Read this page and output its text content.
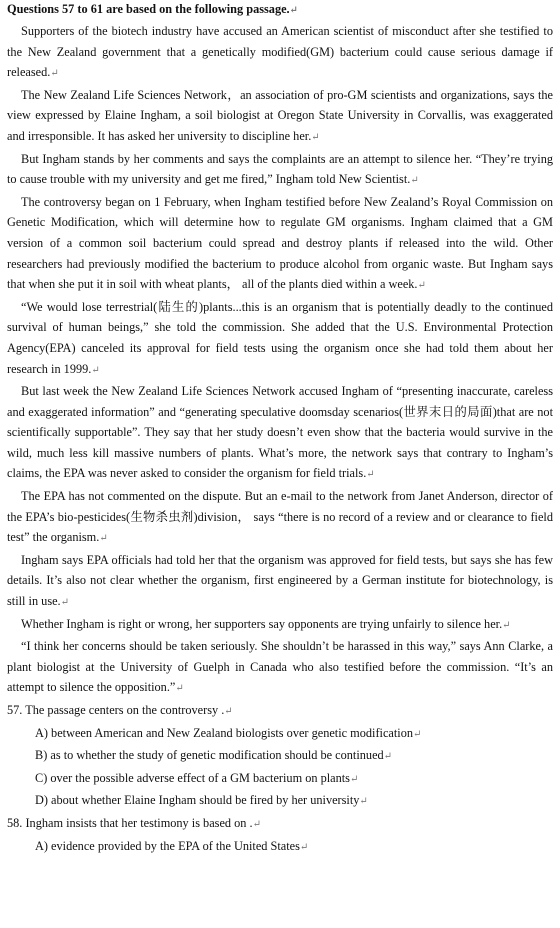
Questions 57 to 61 are based on the following passage.↵

Supporters of the biotech industry have accused an American scientist of misconduct after she testified to the New Zealand government that a genetically modified(GM) bacterium could cause serious damage if released.↵

The New Zealand Life Sciences Network，an association of pro-GM scientists and organizations, says the view expressed by Elaine Ingham, a soil biologist at Oregon State University in Corvallis, was exaggerated and irresponsible. It has asked her university to discipline her.↵

But Ingham stands by her comments and says the complaints are an attempt to silence her. “They’re trying to cause trouble with my university and get me fired,” Ingham told New Scientist.↵

The controversy began on 1 February, when Ingham testified before New Zealand’s Royal Commission on Genetic Modification, which will determine how to regulate GM organisms. Ingham claimed that a GM version of a common soil bacterium could spread and destroy plants if released into the wild. Other researchers had previously modified the bacterium to produce alcohol from organic waste. But Ingham says that when she put it in soil with wheat plants， all of the plants died within a week.↵

“We would lose terrestrial(陆生的)plants...this is an organism that is potentially deadly to the continued survival of human beings,” she told the commission. She added that the U.S. Environmental Protection Agency(EPA) canceled its approval for field tests using the organism once she had told them about her research in 1999.↵

But last week the New Zealand Life Sciences Network accused Ingham of “presenting inaccurate, careless and exaggerated information” and “generating speculative doomsday scenarios(世界末日的局面)that are not scientifically supportable”. They say that her study doesn’t even show that the bacteria would survive in the wild, much less kill massive numbers of plants. What’s more, the network says that contrary to Ingham’s claims, the EPA was never asked to consider the organism for field trials.↵

The EPA has not commented on the dispute. But an e-mail to the network from Janet Anderson, director of the EPA’s bio-pesticides(生物杀虫剂)division， says “there is no record of a review and or clearance to field test” the organism.↵

Ingham says EPA officials had told her that the organism was approved for field tests, but says she has few details. It’s also not clear whether the organism, first engineered by a German institute for biotechnology, is still in use.↵

Whether Ingham is right or wrong, her supporters say opponents are trying unfairly to silence her.↵

“I think her concerns should be taken seriously. She shouldn’t be harassed in this way,” says Ann Clarke, a plant biologist at the University of Guelph in Canada who also testified before the commission. “It’s an attempt to silence the opposition.”↵

57. The passage centers on the controversy .↵

A) between American and New Zealand biologists over genetic modification↵

B) as to whether the study of genetic modification should be continued↵

C) over the possible adverse effect of a GM bacterium on plants↵

D) about whether Elaine Ingham should be fired by her university↵

58. Ingham insists that her testimony is based on .↵

A) evidence provided by the EPA of the United States↵
